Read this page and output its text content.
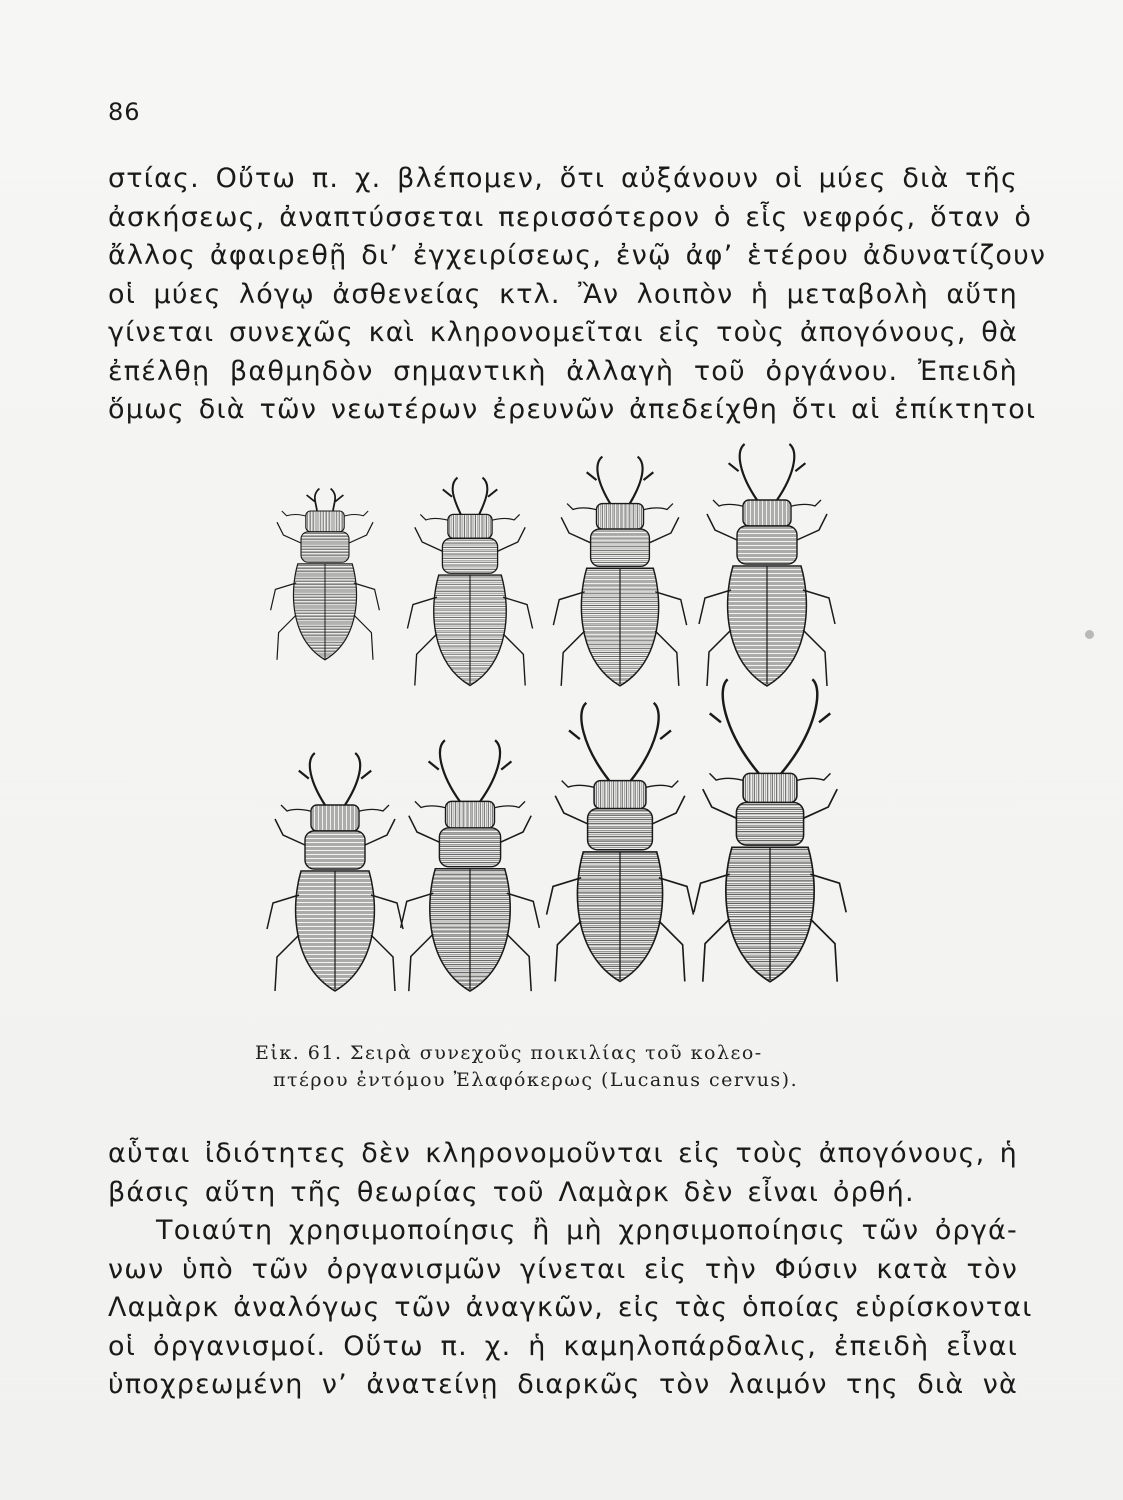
86
στίας. Οὔτω π. χ. βλέπομεν, ὅτι αὐξάνουν οἱ μύες διὰ τῆς
ἀσκήσεως, ἀναπτύσσεται περισσότερον ὁ εἷς νεφρός, ὅταν ὁ
ἄλλος ἀφαιρεθῇ δι’ ἐγχειρίσεως, ἐνῷ ἀφ’ ἑτέρου ἀδυνατίζουν
οἱ μύες λόγῳ ἀσθενείας κτλ. Ἂν λοιπὸν ἡ μεταβολὴ αὕτη
γίνεται συνεχῶς καὶ κληρονομεῖται εἰς τοὺς ἀπογόνους, θὰ
ἐπέλθῃ βαθμηδὸν σημαντικὴ ἀλλαγὴ τοῦ ὀργάνου. Ἐπειδὴ
ὅμως διὰ τῶν νεωτέρων ἐρευνῶν ἀπεδείχθη ὅτι αἱ ἐπίκτητοι
Εἰκ. 61. Σειρὰ συνεχοῦς ποικιλίας τοῦ κολεο-
πτέρου ἐντόμου Ἐλαφόκερως (Lucanus cervus).
αὗται ἰδιότητες δὲν κληρονομοῦνται εἰς τοὺς ἀπογόνους, ἡ
βάσις αὕτη τῆς θεωρίας τοῦ Λαμὰρκ δὲν εἶναι ὀρθή.
Τοιαύτη χρησιμοποίησις ἢ μὴ χρησιμοποίησις τῶν ὀργά-
νων ὑπὸ τῶν ὀργανισμῶν γίνεται εἰς τὴν Φύσιν κατὰ τὸν
Λαμὰρκ ἀναλόγως τῶν ἀναγκῶν, εἰς τὰς ὁποίας εὑρίσκονται
οἱ ὀργανισμοί. Οὕτω π. χ. ἡ καμηλοπάρδαλις, ἐπειδὴ εἶναι
ὑποχρεωμένη ν’ ἀνατείνῃ διαρκῶς τὸν λαιμόν της διὰ νὰ
